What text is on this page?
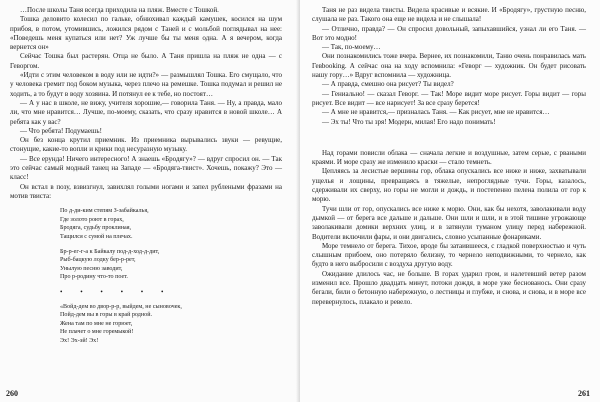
…После школы Таня всегда приходила на пляж. Вместе с Тошкой.

Тошка деловито колесил по гальке, обнюхивал каждый камушек, косился на шум прибоя, в потом, утомившись, ложился рядом с Таней и с мольбой поглядывал на нее: «Поведешь меня купаться или нет? Уж лучше бы ты меня одна. А я вечером, когда вернется он»

Сейчас Тошка был растерян. Отца не было. А Таня пришла на пляж не одна — с Геворгом.

«Идти с этим человеком в воду или не идти?» — размышлял Тошка. Его смущало, что у человека гремит под боком музыка, через плечо на ремешке. Тошка подумал и решил не ходить, а то будут в воду хозяина. И потянул ее к тебе, но постоят…

— А у нас в школе, не вижу, учителя хорошие,— говорила Таня. — Ну, а правда, мало ли, что мне нравится… Лучше, по-моему, сказать, что сразу нравится в новой школе… А ребята как у вас?

— Что ребята! Подумаешь!

Он без конца крутил приемник. Из приемника вырывались звуки — ревущие, стонущие, какие-то вопли и крики под несуразную музыку.

— Все ерунда! Ничего интересного! А знаешь «Бродягу»? — вдруг спросил он. — Так это сейчас самый модный танец на Западе — «Бродяга-твист». Хочешь, покажу? Это — класс!

Он встал в позу, взвизгнул, завихлял голыми ногами и запел рублеными фразами на мотив твиста:

По д-ди-ким степям З-забайкалья,
Где золото роют в горах,
Бродяга, судьбу проклиная,
Тащился с сумой на плечах.
Бр-р-ег-г-а к Байкалу под-д-ход-д-дит,
Рыб-бацкую лодку бер-р-рет,
Унылую песню заводит,
Про р-родину что-то поет.
• • • • • •
«Войд-дем во двор-р-р, выйдем, не сыновочек,
Пойд-дем вы в горы в край родной.
Жена там по мне не горюет,
Не плачет о мне горемыкой!
Эх! Эх-эй! Эх!
260

Таня не раз видела твисты. Видела красивые и всякие. И «Бродягу», грустную песню, слушала не раз. Такого она еще не видела и не слышала!

— Отлично, правда? — Он спросил довольный, запыхавшийся, узнал ли его Таня. — Вот это модно!

— Так, по-моему…

Они познакомились тоже вчера. Вернее, их познакомили, Таню очень понравилась мать Гевbooking. А сейчас она на ходу вспомнила: «Геворг — художник. Он будет рисовать нашу гору…» Вдруг вспомнила — художница.

— А правда, смешно она рисует? Ты видел?

— Гениально! — сказал Геворг. — Так! Море видит море рисует. Горы видит — горы рисует. Все видит — все нарисует! За все сразу берется!

— А мне не нравится,— призналась Таня. — Как рисует, мне не нравится…

— Эх ты! Что ты зря! Модерн, милая! Его надо понимать!

Над горами повисли облака — сначала легкие и воздушные, затем серые, с рваными краями. И море сразу же изменило краски — стало темнеть.

Цепляясь за лесистые вершины гор, облака опускались все ниже и ниже, захватывали ущелья и лощины, превращаясь в тяжелые, непроглядные тучи. Горы, казалось, сдерживали их сверху, но горы не могли и дождь, и постепенно пелена полила от гор к морю.

Тучи шли от гор, опускались все ниже к морю. Они, как бы нехотя, заволакивали воду дымкой — от берега все дальше и дальше. Они шли и шли, и в этой тишине угрожающе заволакивали домики верхних улиц, и в затянули туманом улицу перед набережной. Водители включили фары, и они двигались, словно усыпанные фонариками.

Море темнело от берега. Тихое, вроде бы затаившееся, с гладкой поверхностью и чуть слышным прибоем, оно потеряло белизну, то чернело неподвижными, то чернело, как будто в него выбросили с воздуха другую воду.

Ожидание длилось час, не больше. В горах ударил гром, и налетевший ветер разом изменил все. Прошло двадцать минут, потоки дождя, в море уже беснованось. Они сразу бегали, били о бетонную набережную, о лестницы и глубже, и снова, и снова, и в море все перевернулось, плакало и ревело.

261
